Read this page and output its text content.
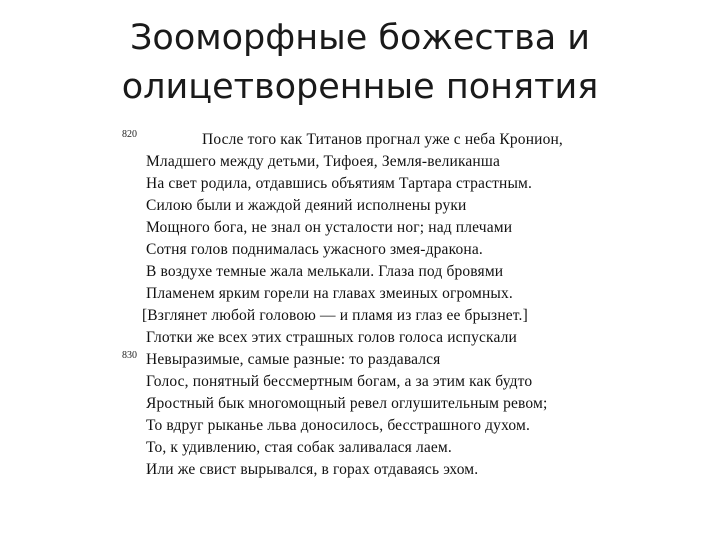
Зооморфные божества и
олицетворенные понятия
820
830
После того как Титанов прогнал уже с неба Кронион,
Младшего между детьми, Тифоея, Земля-великанша
На свет родила, отдавшись объятиям Тартара страстным.
Силою были и жаждой деяний исполнены руки
Мощного бога, не знал он усталости ног; над плечами
Сотня голов поднималась ужасного змея-дракона.
В воздухе темные жала мелькали. Глаза под бровями
Пламенем ярким горели на главах змеиных огромных.
[Взглянет любой головою — и пламя из глаз ее брызнет.]
Глотки же всех этих страшных голов голоса испускали
Невыразимые, самые разные: то раздавался
Голос, понятный бессмертным богам, а за этим как будто
Яростный бык многомощный ревел оглушительным ревом;
То вдруг рыканье льва доносилось, бесстрашного духом.
То, к удивлению, стая собак заливалася лаем.
Или же свист вырывался, в горах отдаваясь эхом.
